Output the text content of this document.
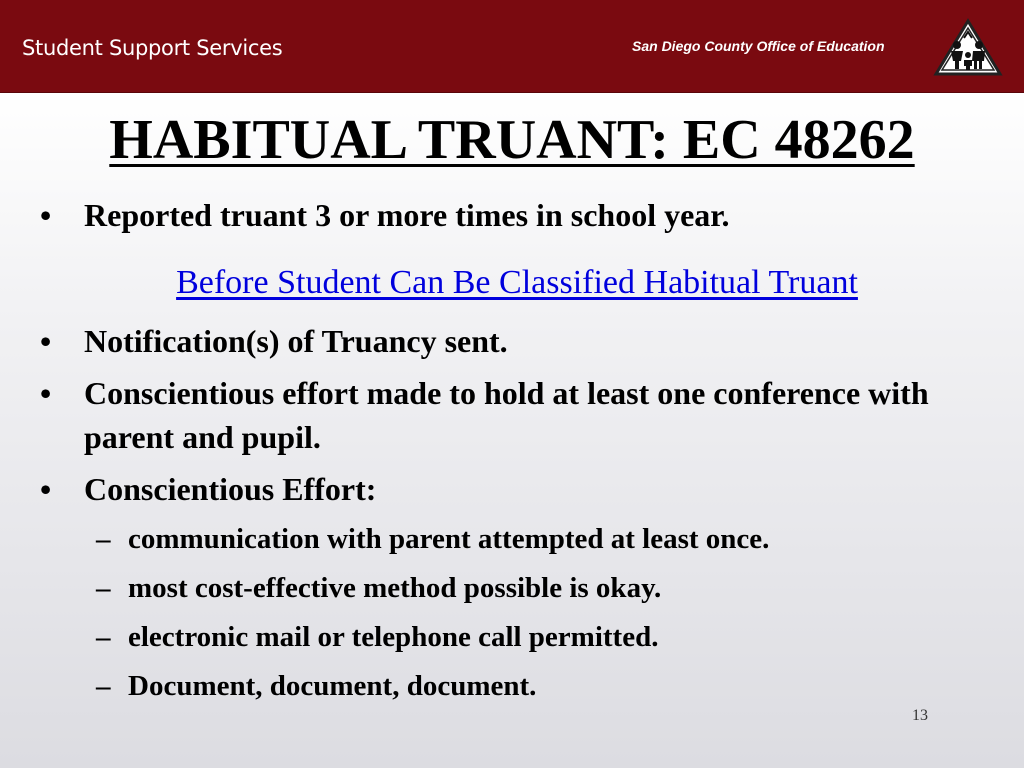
Student Support Services	San Diego County Office of Education
HABITUAL TRUANT: EC 48262
• Reported truant 3 or more times in school year.
Before Student Can Be Classified Habitual Truant
• Notification(s) of Truancy sent.
• Conscientious effort made to hold at least one conference with parent and pupil.
• Conscientious Effort:
– communication with parent attempted at least once.
– most cost-effective method possible is okay.
– electronic mail or telephone call permitted.
– Document, document, document.
13
